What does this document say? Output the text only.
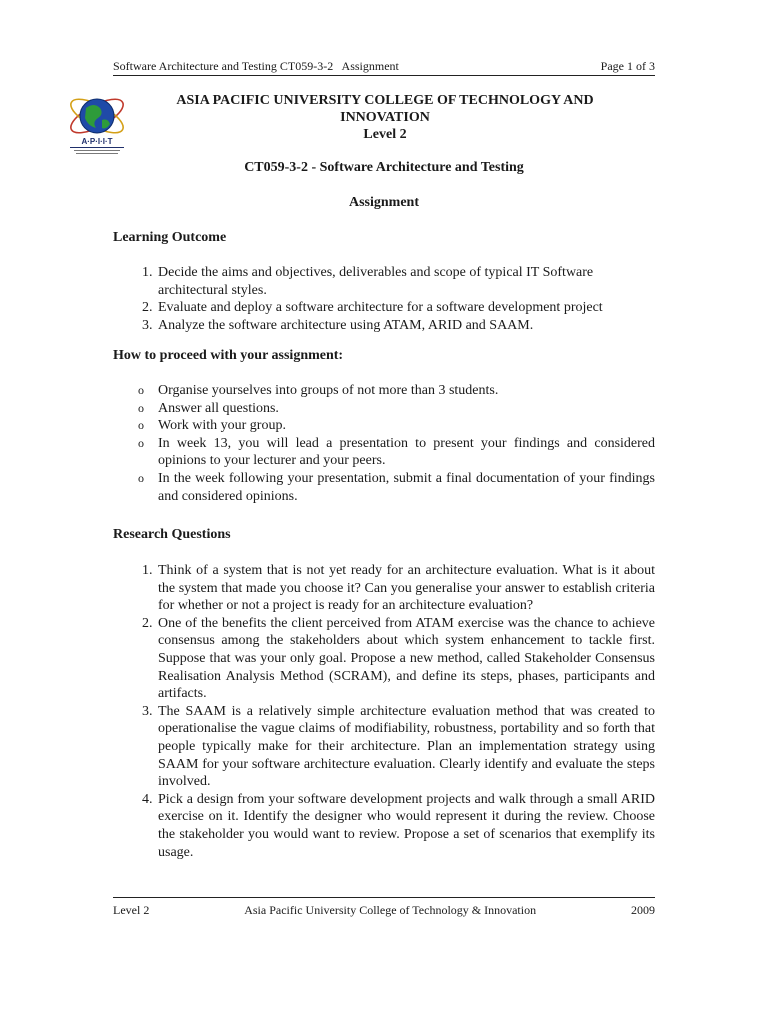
Software Architecture and Testing CT059-3-2   Assignment	Page 1 of 3
A·P·I·I·T
ASIA PACIFIC UNIVERSITY COLLEGE OF TECHNOLOGY AND
INNOVATION
Level 2
CT059-3-2 - Software Architecture and Testing
Assignment
Learning Outcome
1. Decide the aims and objectives, deliverables and scope of typical IT Software architectural styles.
2. Evaluate and deploy a software architecture for a software development project
3. Analyze the software architecture using ATAM, ARID and SAAM.
How to proceed with your assignment:
o	Organise yourselves into groups of not more than 3 students.
o	Answer all questions.
o	Work with your group.
o	In week 13, you will lead a presentation to present your findings and considered opinions to your lecturer and your peers.
o	In the week following your presentation, submit a final documentation of your findings and considered opinions.
Research Questions
1. Think of a system that is not yet ready for an architecture evaluation. What is it about the system that made you choose it? Can you generalise your answer to establish criteria for whether or not a project is ready for an architecture evaluation?
2. One of the benefits the client perceived from ATAM exercise was the chance to achieve consensus among the stakeholders about which system enhancement to tackle first. Suppose that was your only goal. Propose a new method, called Stakeholder Consensus Realisation Analysis Method (SCRAM), and define its steps, phases, participants and artifacts.
3. The SAAM is a relatively simple architecture evaluation method that was created to operationalise the vague claims of modifiability, robustness, portability and so forth that people typically make for their architecture. Plan an implementation strategy using SAAM for your software architecture evaluation. Clearly identify and evaluate the steps involved.
4. Pick a design from your software development projects and walk through a small ARID exercise on it. Identify the designer who would represent it during the review. Choose the stakeholder you would want to review. Propose a set of scenarios that exemplify its usage.
Level 2	Asia Pacific University College of Technology & Innovation	2009
